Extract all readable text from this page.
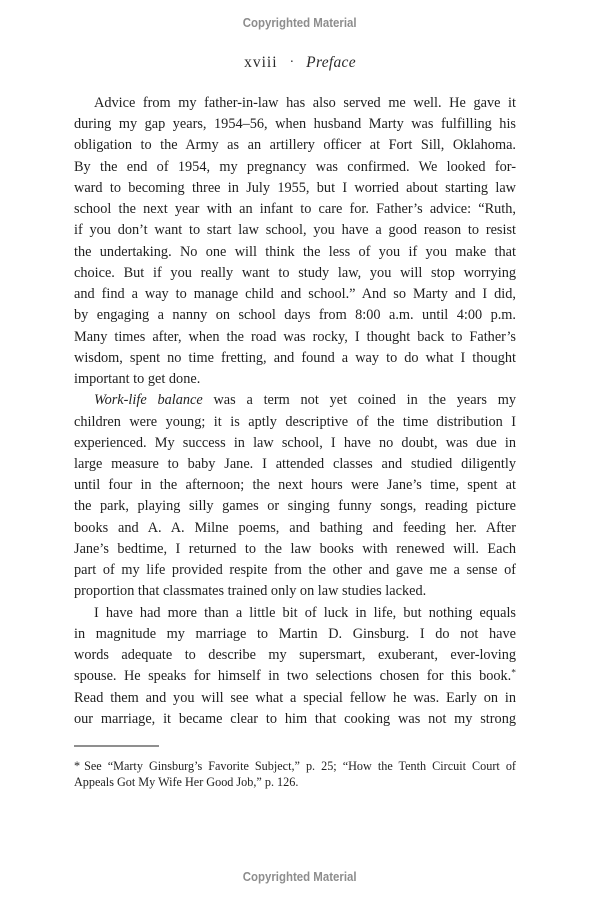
Copyrighted Material
xviii · Preface
Advice from my father-in-law has also served me well. He gave it
during my gap years, 1954–56, when husband Marty was fulfilling his
obligation to the Army as an artillery officer at Fort Sill, Oklahoma.
By the end of 1954, my pregnancy was confirmed. We looked for-
ward to becoming three in July 1955, but I worried about starting law
school the next year with an infant to care for. Father’s advice: “Ruth,
if you don’t want to start law school, you have a good reason to resist
the undertaking. No one will think the less of you if you make that
choice. But if you really want to study law, you will stop worrying
and find a way to manage child and school.” And so Marty and I did,
by engaging a nanny on school days from 8:00 a.m. until 4:00 p.m.
Many times after, when the road was rocky, I thought back to Father’s
wisdom, spent no time fretting, and found a way to do what I thought
important to get done.
Work-life balance was a term not yet coined in the years my
children were young; it is aptly descriptive of the time distribution I
experienced. My success in law school, I have no doubt, was due in
large measure to baby Jane. I attended classes and studied diligently
until four in the afternoon; the next hours were Jane’s time, spent at
the park, playing silly games or singing funny songs, reading picture
books and A. A. Milne poems, and bathing and feeding her. After
Jane’s bedtime, I returned to the law books with renewed will. Each
part of my life provided respite from the other and gave me a sense of
proportion that classmates trained only on law studies lacked.
I have had more than a little bit of luck in life, but nothing equals
in magnitude my marriage to Martin D. Ginsburg. I do not have
words adequate to describe my supersmart, exuberant, ever-loving
spouse. He speaks for himself in two selections chosen for this book.*
Read them and you will see what a special fellow he was. Early on in
our marriage, it became clear to him that cooking was not my strong
* See “Marty Ginsburg’s Favorite Subject,” p. 25; “How the Tenth Circuit Court of
Appeals Got My Wife Her Good Job,” p. 126.
Copyrighted Material
